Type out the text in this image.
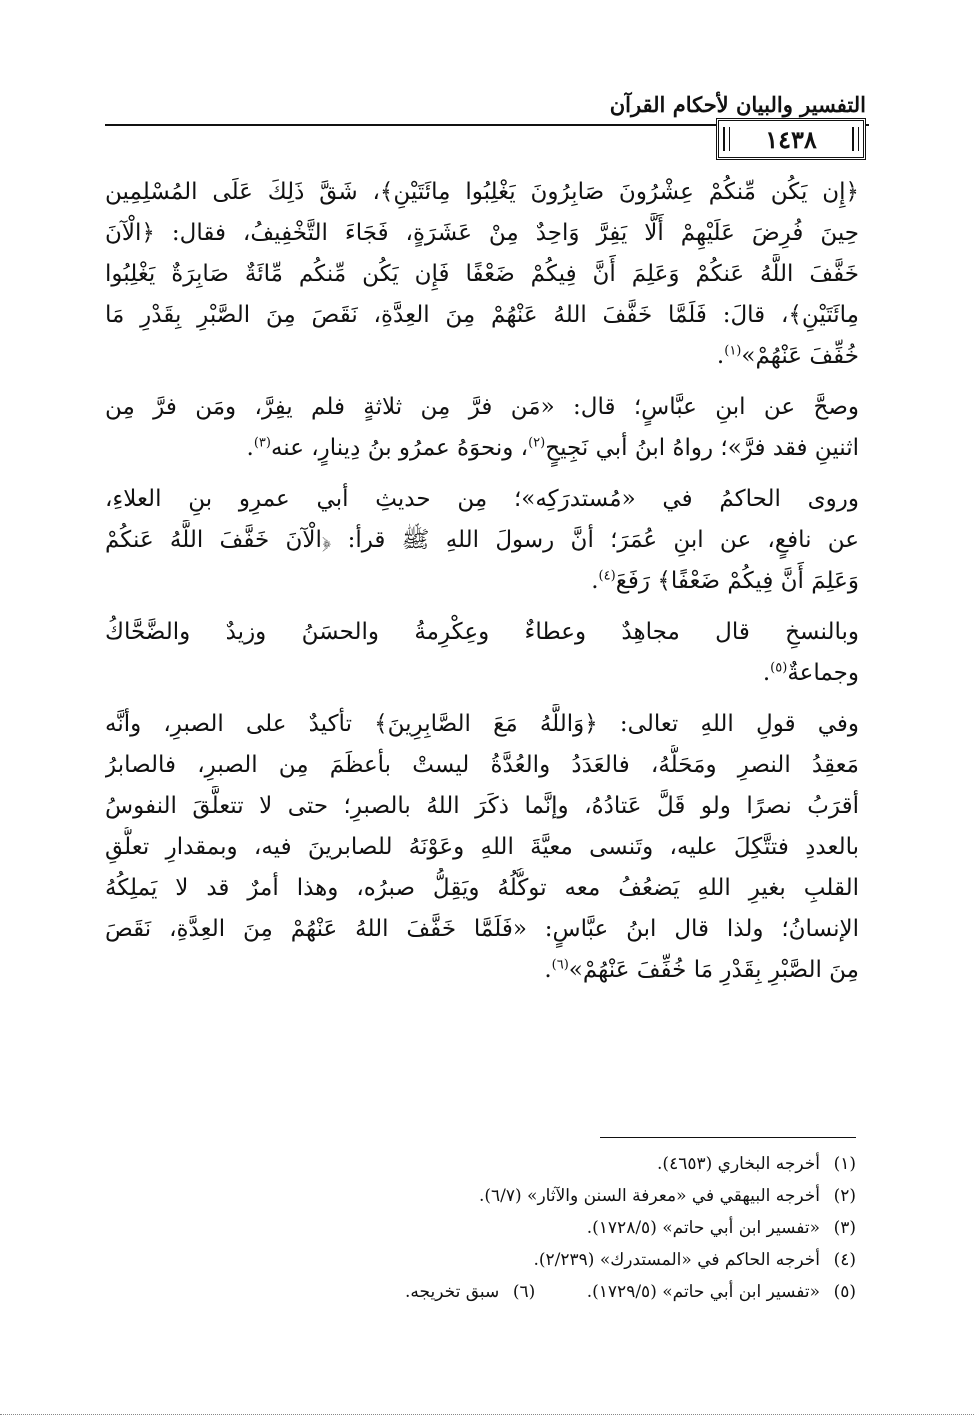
التفسير والبيان لأحكام القرآن
١٤٣٨
﴿إِن يَكُن مِّنكُمْ عِشْرُونَ صَابِرُونَ يَغْلِبُوا مِائَتَيْنِ﴾، شَقَّ ذَلِكَ عَلَى المُسْلِمِين
حِينَ فُرِضَ عَلَيْهِمْ أَلَّا يَفِرَّ وَاحِدٌ مِنْ عَشَرَةٍ، فَجَاءَ التَّخْفِيفُ، فقال: ﴿الْآنَ
خَفَّفَ اللَّهُ عَنكُمْ وَعَلِمَ أَنَّ فِيكُمْ ضَعْفًا فَإِن يَكُن مِّنكُم مِّائَةٌ صَابِرَةٌ يَغْلِبُوا
مِائَتَيْنِ﴾، قالَ: فَلَمَّا خَفَّفَ اللهُ عَنْهُمْ مِنَ العِدَّةِ، نَقَصَ مِنَ الصَّبْرِ بِقَدْرِ مَا
خُفِّفَ عَنْهُمْ»$^{(١)}$.
وصحَّ عن ابنِ عبَّاسٍ؛ قال: «مَن فرَّ مِن ثلاثةٍ فلم يفِرَّ، ومَن فرَّ مِن
اثنينِ فقد فرَّ»؛ رواهُ ابنُ أبي نَجِيحٍ$^{(٢)}$، ونحوَهُ عمرُو بنُ دِينارٍ، عنه$^{(٣)}$.
وروى الحاكمُ في «مُستدرَكِه»؛ مِن حديثِ أبي عمرِو بنِ العلاءِ،
عن نافعٍ، عن ابنِ عُمَرَ؛ أنَّ رسولَ اللهِ ﷺ قرأ: ﴿الْآنَ خَفَّفَ اللَّهُ عَنكُمْ
وَعَلِمَ أَنَّ فِيكُمْ ضَعْفًا﴾ رَفَعَ$^{(٤)}$.
وبالنسخِ قال مجاهِدٌ وعطاءٌ وعِكْرِمةُ والحسَنُ وزيدٌ والضَّحَّاكُ
وجماعةٌ$^{(٥)}$.
وفي قولِ اللهِ تعالى: ﴿وَاللَّهُ مَعَ الصَّابِرِينَ﴾ تأكيدٌ على الصبرِ، وأنَّه
مَعقِدُ النصرِ ومَحَلُّهُ، فالعَدَدُ والعُدَّةُ ليستْ بأعظَمَ مِن الصبرِ، فالصابرُ
أقرَبُ نصرًا ولو قَلَّ عَتادُهُ، وإنَّما ذكَرَ اللهُ بالصبرِ؛ حتى لا تتعلَّقَ النفوسُ
بالعددِ فتتَّكِلَ عليه، وتَنسى معيَّةَ اللهِ وعَوْنَهُ للصابرينَ فيه، وبمقدارِ تعلُّقِ
القلبِ بغيرِ اللهِ يَضعُفُ معه توكُّلُهُ ويَقِلُّ صبرُه، وهذا أمرٌ قد لا يَملِكُهُ
الإنسانُ؛ ولذا قال ابنُ عبَّاسٍ: «فَلَمَّا خَفَّفَ اللهُ عَنْهُمْ مِنَ العِدَّةِ، نَقَصَ
مِنَ الصَّبْرِ بِقَدْرِ مَا خُفِّفَ عَنْهُمْ»$^{(٦)}$.
(١)أخرجه البخاري (٤٦٥٣).
(٢)أخرجه البيهقي في «معرفة السنن والآثار» (٦/٧).
(٣)«تفسير ابن أبي حاتم» (١٧٢٨/٥).
(٤)أخرجه الحاكم في «المستدرك» (٢/٢٣٩).
(٥)«تفسير ابن أبي حاتم» (١٧٢٩/٥).
(٦)سبق تخريجه.
